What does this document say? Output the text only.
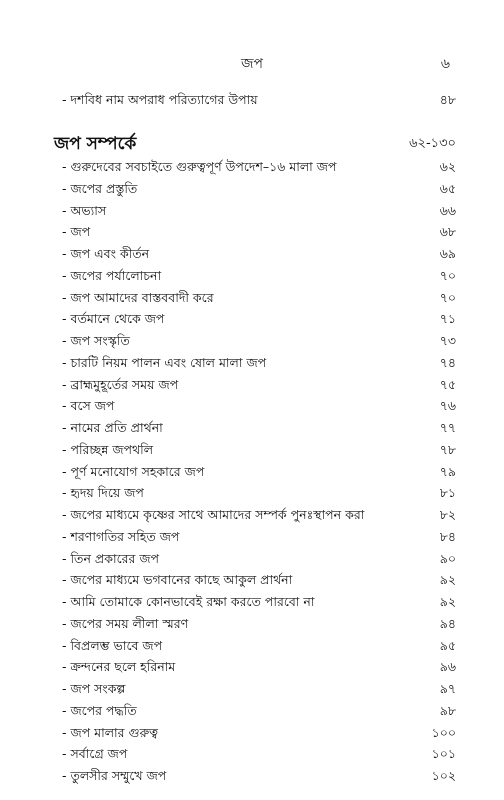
জপ	৬
- দশবিধ নাম অপরাধ পরিত্যাগের উপায়	৪৮
জপ সম্পর্কে	৬২-১৩০
- গুরুদেবের সবচাইতে গুরুত্বপূর্ণ উপদেশ–১৬ মালা জপ	৬২
- জপের প্রস্তুতি	৬৫
- অভ্যাস	৬৬
- জপ	৬৮
- জপ এবং কীর্তন	৬৯
- জপের পর্যালোচনা	৭০
- জপ আমাদের বাস্তববাদী করে	৭০
- বর্তমানে থেকে জপ	৭১
- জপ সংস্কৃতি	৭৩
- চারটি নিয়ম পালন এবং ষোল মালা জপ	৭৪
- ব্রাহ্মমুহূর্তের সময় জপ	৭৫
- বসে জপ	৭৬
- নামের প্রতি প্রার্থনা	৭৭
- পরিচ্ছন্ন জপথলি	৭৮
- পূর্ণ মনোযোগ সহকারে জপ	৭৯
- হৃদয় দিয়ে জপ	৮১
- জপের মাধ্যমে কৃষ্ণের সাথে আমাদের সম্পর্ক পুনঃস্থাপন করা	৮২
- শরণাগতির সহিত জপ	৮৪
- তিন প্রকারের জপ	৯০
- জপের মাধ্যমে ভগবানের কাছে আকুল প্রার্থনা	৯২
- আমি তোমাকে কোনভাবেই রক্ষা করতে পারবো না	৯২
- জপের সময় লীলা স্মরণ	৯৪
- বিপ্রলম্ভ ভাবে জপ	৯৫
- ক্রন্দনের ছলে হরিনাম	৯৬
- জপ সংকল্প	৯৭
- জপের পদ্ধতি	৯৮
- জপ মালার গুরুত্ব	১০০
- সর্বাগ্রে জপ	১০১
- তুলসীর সম্মুখে জপ	১০২
